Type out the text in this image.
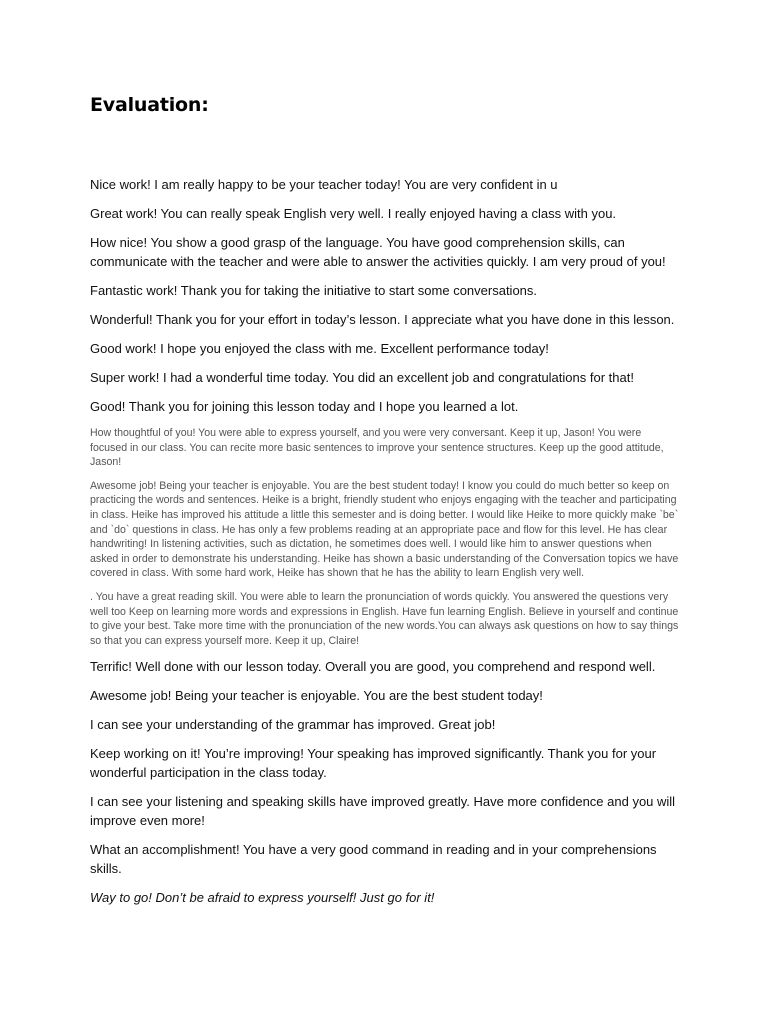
Evaluation:

Nice work! I am really happy to be your teacher today! You are very confident in u

Great work! You can really speak English very well. I really enjoyed having a class with you.

How nice! You show a good grasp of the language. You have good comprehension skills, can communicate with the teacher and were able to answer the activities quickly. I am very proud of you!

Fantastic work! Thank you for taking the initiative to start some conversations.

Wonderful! Thank you for your effort in today’s lesson. I appreciate what you have done in this lesson.

Good work! I hope you enjoyed the class with me. Excellent performance today!

Super work! I had a wonderful time today. You did an excellent job and congratulations for that!

Good! Thank you for joining this lesson today and I hope you learned a lot.

How thoughtful of you! You were able to express yourself, and you were very conversant. Keep it up, Jason! You were focused in our class. You can recite more basic sentences to improve your sentence structures. Keep up the good attitude, Jason!

Awesome job! Being your teacher is enjoyable. You are the best student today! I know you could do much better so keep on practicing the words and sentences. Heike is a bright, friendly student who enjoys engaging with the teacher and participating in class. Heike has improved his attitude a little this semester and is doing better. I would like Heike to more quickly make `be` and `do` questions in class. He has only a few problems reading at an appropriate pace and flow for this level. He has clear handwriting! In listening activities, such as dictation, he sometimes does well. I would like him to answer questions when asked in order to demonstrate his understanding. Heike has shown a basic understanding of the Conversation topics we have covered in class. With some hard work, Heike has shown that he has the ability to learn English very well.

. You have a great reading skill. You were able to learn the pronunciation of words quickly. You answered the questions very well too Keep on learning more words and expressions in English. Have fun learning English. Believe in yourself and continue to give your best. Take more time with the pronunciation of the new words.You can always ask questions on how to say things so that you can express yourself more. Keep it up, Claire!

Terrific! Well done with our lesson today. Overall you are good, you comprehend and respond well.

Awesome job! Being your teacher is enjoyable. You are the best student today!

I can see your understanding of the grammar has improved. Great job!

Keep working on it! You’re improving! Your speaking has improved significantly. Thank you for your wonderful participation in the class today.

I can see your listening and speaking skills have improved greatly. Have more confidence and you will improve even more!

What an accomplishment! You have a very good command in reading and in your comprehensions skills.

Way to go! Don’t be afraid to express yourself! Just go for it!
